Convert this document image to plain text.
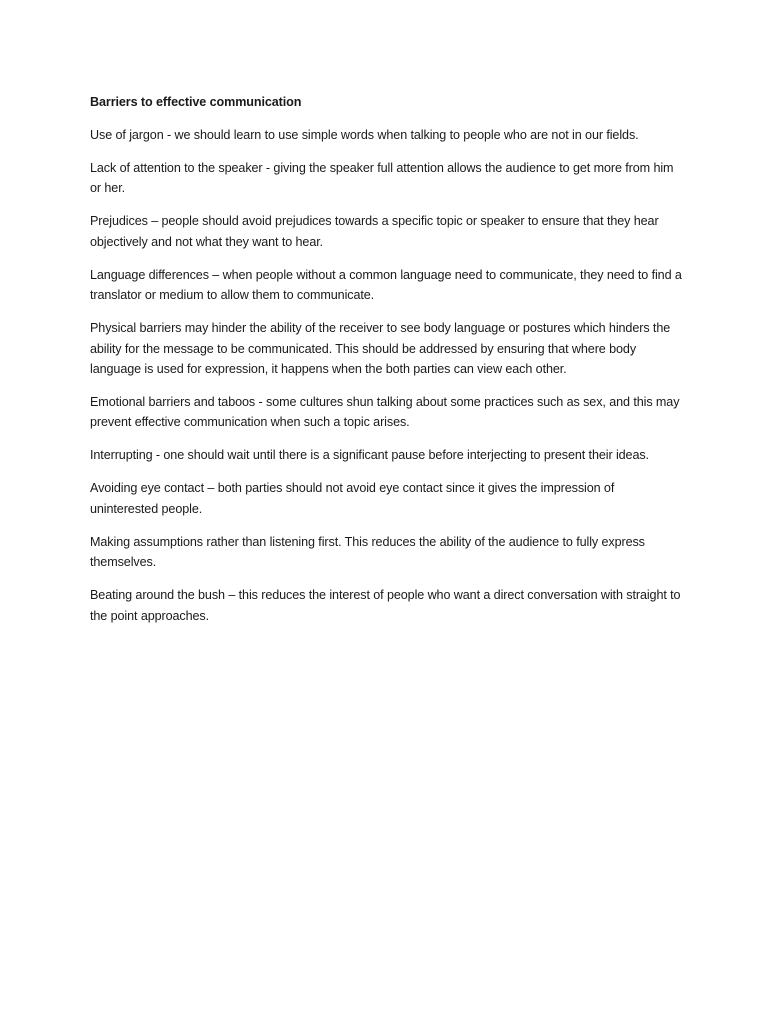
Barriers to effective communication

Use of jargon - we should learn to use simple words when talking to people who are not in our fields.

Lack of attention to the speaker - giving the speaker full attention allows the audience to get more from him or her.

Prejudices – people should avoid prejudices towards a specific topic or speaker to ensure that they hear objectively and not what they want to hear.

Language differences – when people without a common language need to communicate, they need to find a translator or medium to allow them to communicate.

Physical barriers may hinder the ability of the receiver to see body language or postures which hinders the ability for the message to be communicated. This should be addressed by ensuring that where body language is used for expression, it happens when the both parties can view each other.

Emotional barriers and taboos - some cultures shun talking about some practices such as sex, and this may prevent effective communication when such a topic arises.

Interrupting - one should wait until there is a significant pause before interjecting to present their ideas.

Avoiding eye contact – both parties should not avoid eye contact since it gives the impression of uninterested people.

Making assumptions rather than listening first. This reduces the ability of the audience to fully express themselves.

Beating around the bush – this reduces the interest of people who want a direct conversation with straight to the point approaches.
